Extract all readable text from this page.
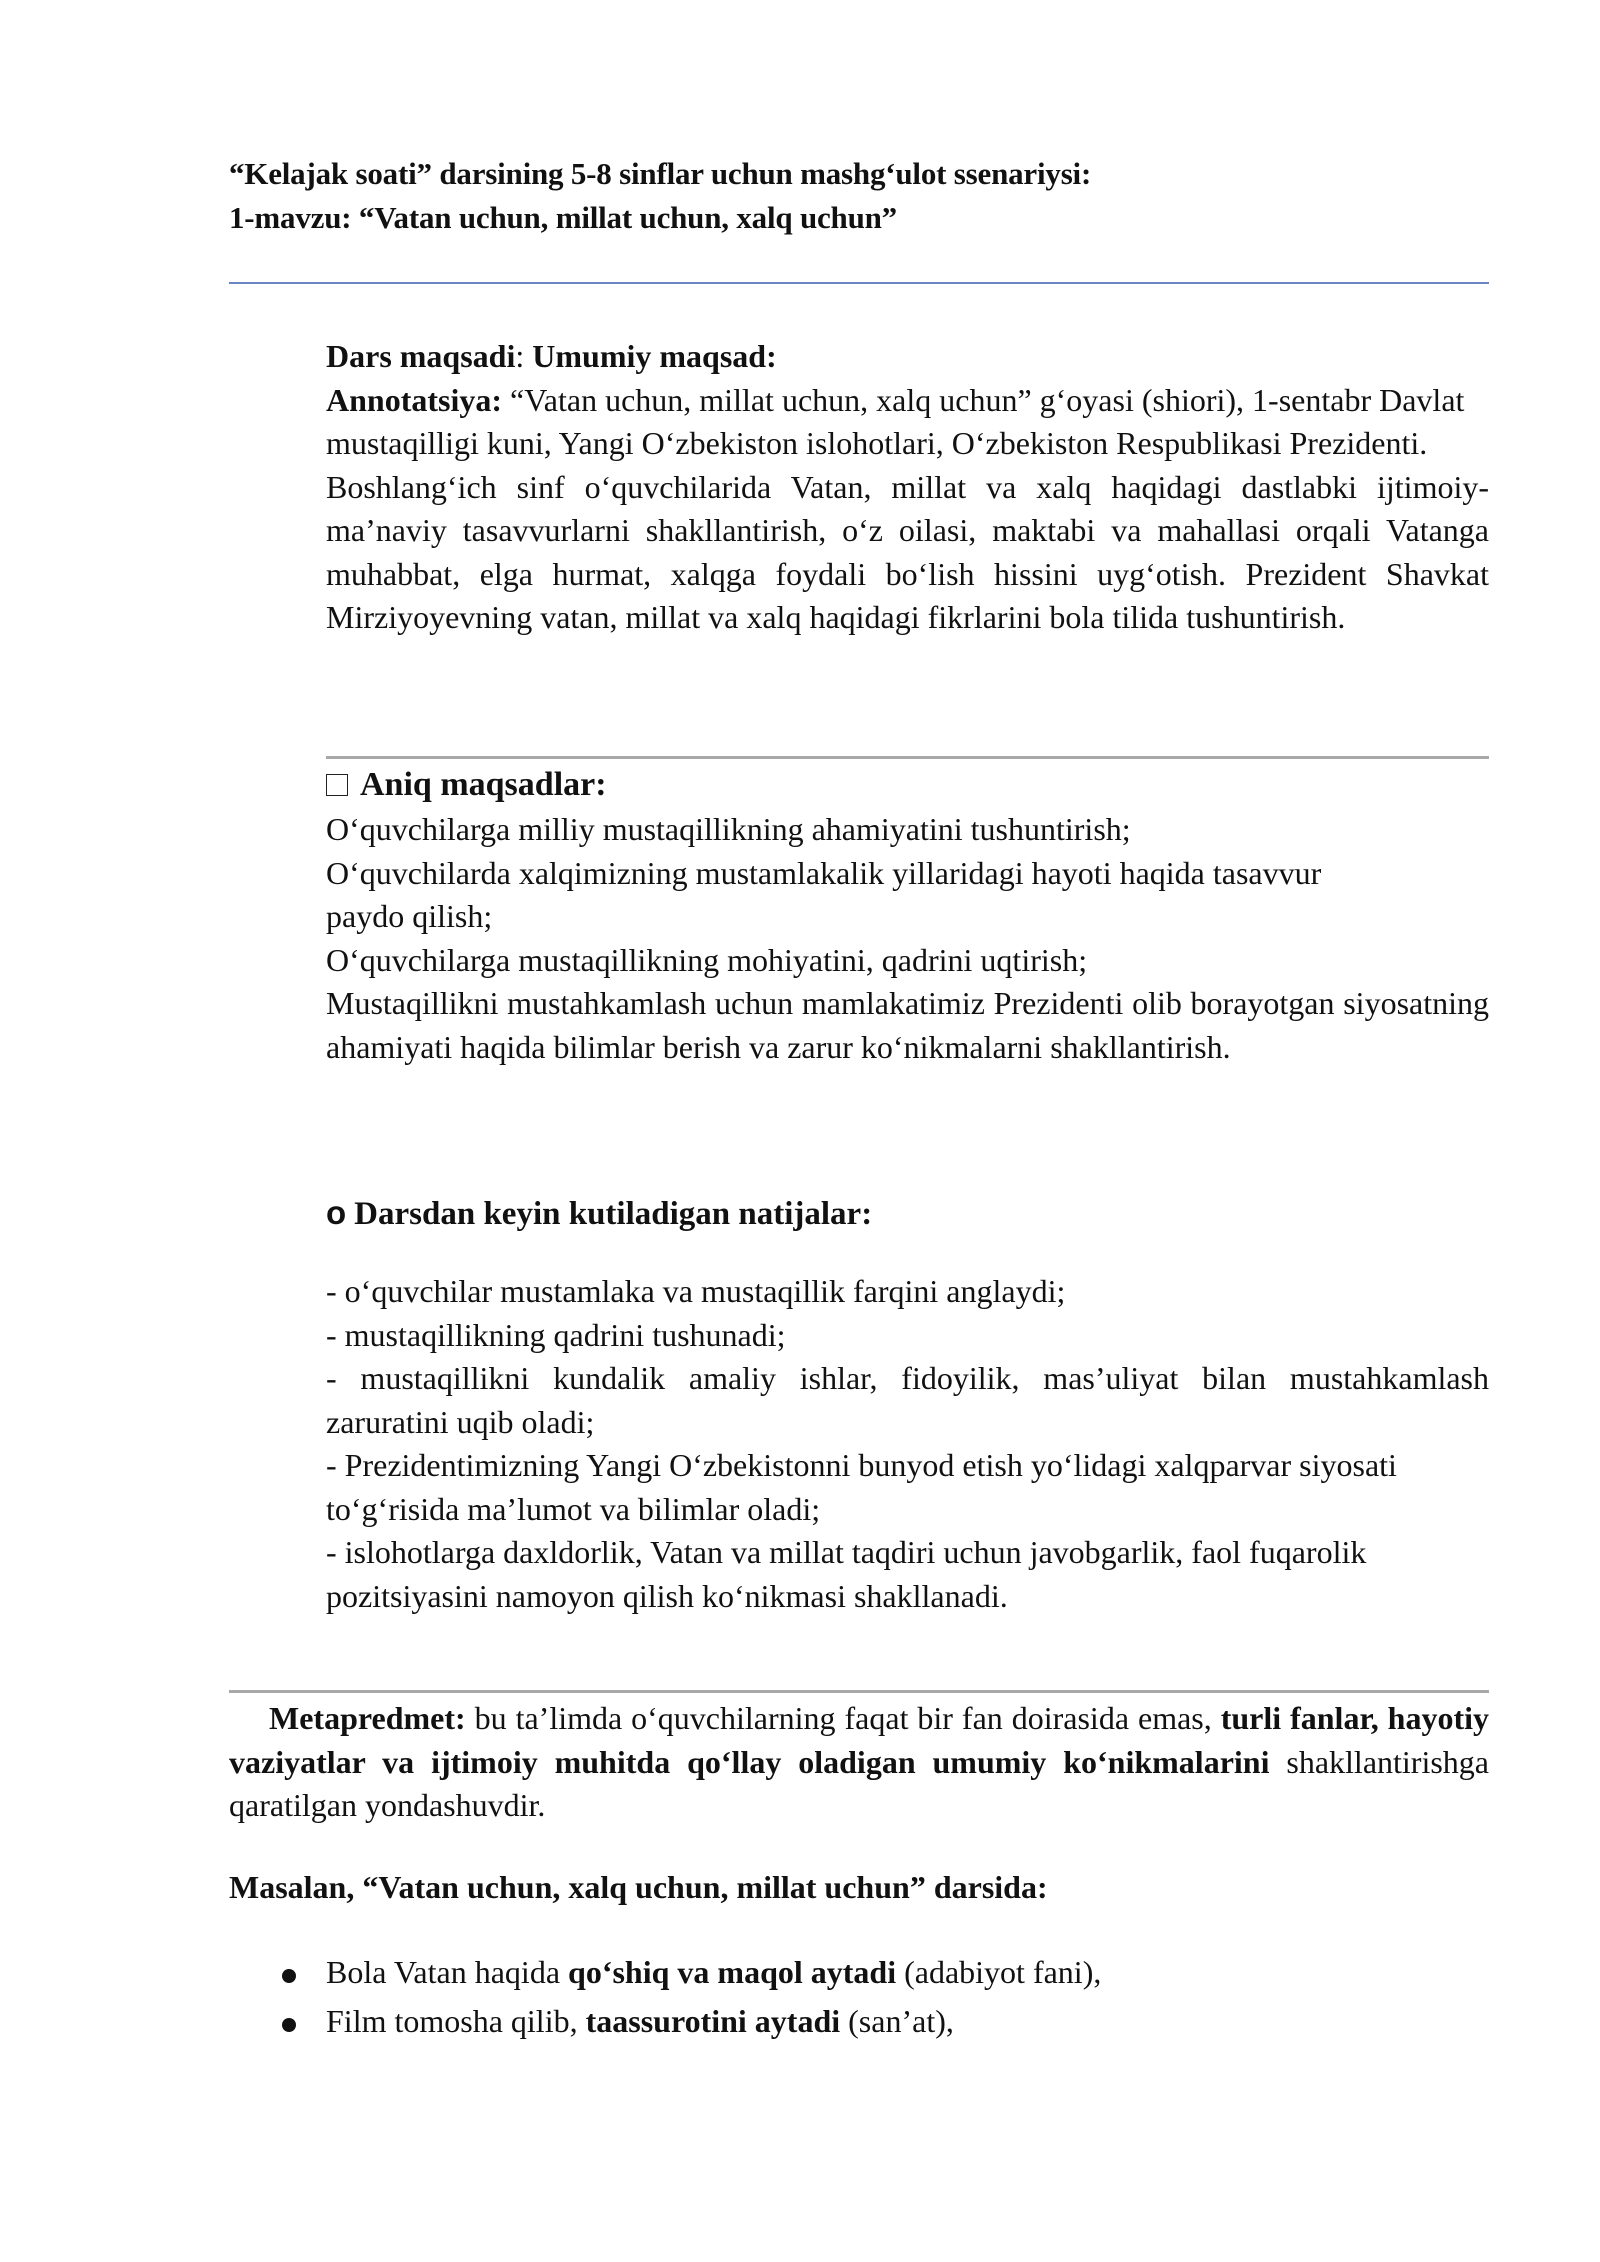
“Kelajak soati” darsining 5-8 sinflar uchun mashg‘ulot ssenariysi:
1-mavzu: “Vatan uchun, millat uchun, xalq uchun”

Dars maqsadi: Umumiy maqsad:

Annotatsiya: “Vatan uchun, millat uchun, xalq uchun” g‘oyasi (shiori), 1-sentabr Davlat mustaqilligi kuni, Yangi O‘zbekiston islohotlari, O‘zbekiston Respublikasi Prezidenti.

Boshlang‘ich sinf o‘quvchilarida Vatan, millat va xalq haqidagi dastlabki ijtimoiy-ma’naviy tasavvurlarni shakllantirish, o‘z oilasi, maktabi va mahallasi orqali Vatanga muhabbat, elga hurmat, xalqga foydali bo‘lish hissini uyg‘otish. Prezident Shavkat Mirziyoyevning vatan, millat va xalq haqidagi fikrlarini bola tilida tushuntirish.

Aniq maqsadlar:

O‘quvchilarga milliy mustaqillikning ahamiyatini tushuntirish;

O‘quvchilarda xalqimizning mustamlakalik yillaridagi hayoti haqida tasavvur paydo qilish;

O‘quvchilarga mustaqillikning mohiyatini, qadrini uqtirish;

Mustaqillikni mustahkamlash uchun mamlakatimiz Prezidenti olib borayotgan siyosatning ahamiyati haqida bilimlar berish va zarur ko‘nikmalarni shakllantirish.

o Darsdan keyin kutiladigan natijalar:

- o‘quvchilar mustamlaka va mustaqillik farqini anglaydi;

- mustaqillikning qadrini tushunadi;

- mustaqillikni kundalik amaliy ishlar, fidoyilik, mas’uliyat bilan mustahkamlash zaruratini uqib oladi;

- Prezidentimizning Yangi O‘zbekistonni bunyod etish yo‘lidagi xalqparvar siyosati to‘g‘risida ma’lumot va bilimlar oladi;

- islohotlarga daxldorlik, Vatan va millat taqdiri uchun javobgarlik, faol fuqarolik pozitsiyasini namoyon qilish ko‘nikmasi shakllanadi.

Metapredmet: bu ta’limda o‘quvchilarning faqat bir fan doirasida emas, turli fanlar, hayotiy vaziyatlar va ijtimoiy muhitda qo‘llay oladigan umumiy ko‘nikmalarini shakllantirishga qaratilgan yondashuvdir.

Masalan, “Vatan uchun, xalq uchun, millat uchun” darsida:
Bola Vatan haqida qo‘shiq va maqol aytadi (adabiyot fani),
Film tomosha qilib, taassurotini aytadi (san’at),
